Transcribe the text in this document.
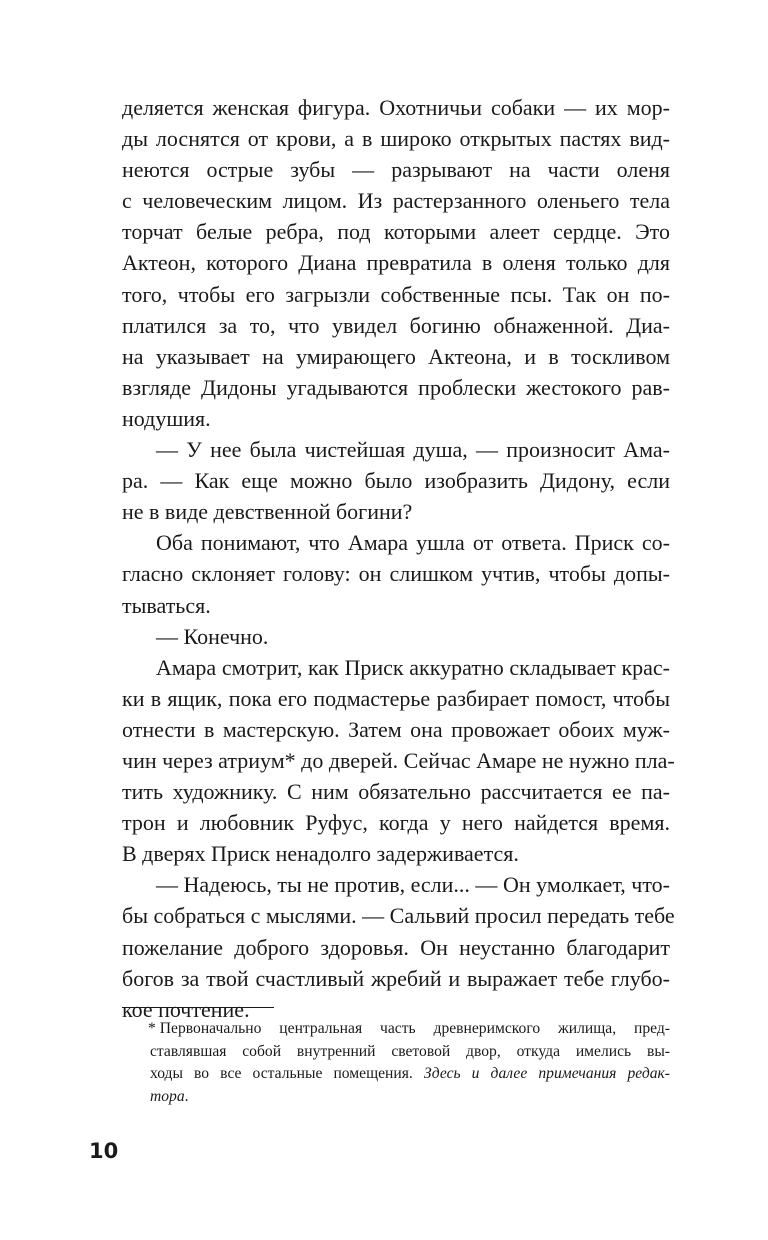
деляется женская фигура. Охотничьи собаки — их мор-
ды лоснятся от крови, а в широко открытых пастях вид-
неются острые зубы — разрывают на части оленя
с человеческим лицом. Из растерзанного оленьего тела
торчат белые ребра, под которыми алеет сердце. Это
Актеон, которого Диана превратила в оленя только для
того, чтобы его загрызли собственные псы. Так он по-
платился за то, что увидел богиню обнаженной. Диа-
на указывает на умирающего Актеона, и в тоскливом
взгляде Дидоны угадываются проблески жестокого рав-
нодушия.
— У нее была чистейшая душа, — произносит Ама-
ра. — Как еще можно было изобразить Дидону, если
не в виде девственной богини?
Оба понимают, что Амара ушла от ответа. Приск со-
гласно склоняет голову: он слишком учтив, чтобы допы-
тываться.
— Конечно.
Амара смотрит, как Приск аккуратно складывает крас-
ки в ящик, пока его подмастерье разбирает помост, чтобы
отнести в мастерскую. Затем она провожает обоих муж-
чин через атриум* до дверей. Сейчас Амаре не нужно пла-
тить художнику. С ним обязательно рассчитается ее па-
трон и любовник Руфус, когда у него найдется время.
В дверях Приск ненадолго задерживается.
— Надеюсь, ты не против, если... — Он умолкает, что-
бы собраться с мыслями. — Сальвий просил передать тебе
пожелание доброго здоровья. Он неустанно благодарит
богов за твой счастливый жребий и выражает тебе глубо-
кое почтение.
* Первоначально центральная часть древнеримского жилища, пред-
ставлявшая собой внутренний световой двор, откуда имелись вы-
ходы во все остальные помещения. Здесь и далее примечания редак-
тора.
10
